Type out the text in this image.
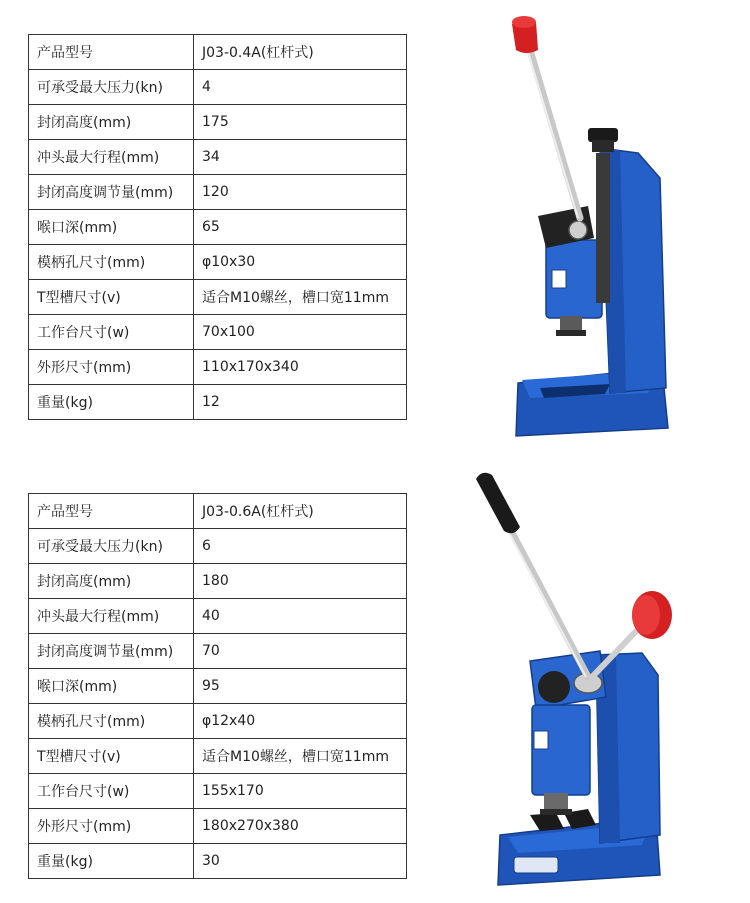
产品型号	J03-0.4A(杠杆式)
可承受最大压力(kn)	4
封闭高度(mm)	175
冲头最大行程(mm)	34
封闭高度调节量(mm)	120
喉口深(mm)	65
模柄孔尺寸(mm)	φ10x30
T型槽尺寸(v)	适合M10螺丝，槽口宽11mm
工作台尺寸(w)	70x100
外形尺寸(mm)	110x170x340
重量(kg)	12
产品型号	J03-0.6A(杠杆式)
可承受最大压力(kn)	6
封闭高度(mm)	180
冲头最大行程(mm)	40
封闭高度调节量(mm)	70
喉口深(mm)	95
模柄孔尺寸(mm)	φ12x40
T型槽尺寸(v)	适合M10螺丝，槽口宽11mm
工作台尺寸(w)	155x170
外形尺寸(mm)	180x270x380
重量(kg)	30
